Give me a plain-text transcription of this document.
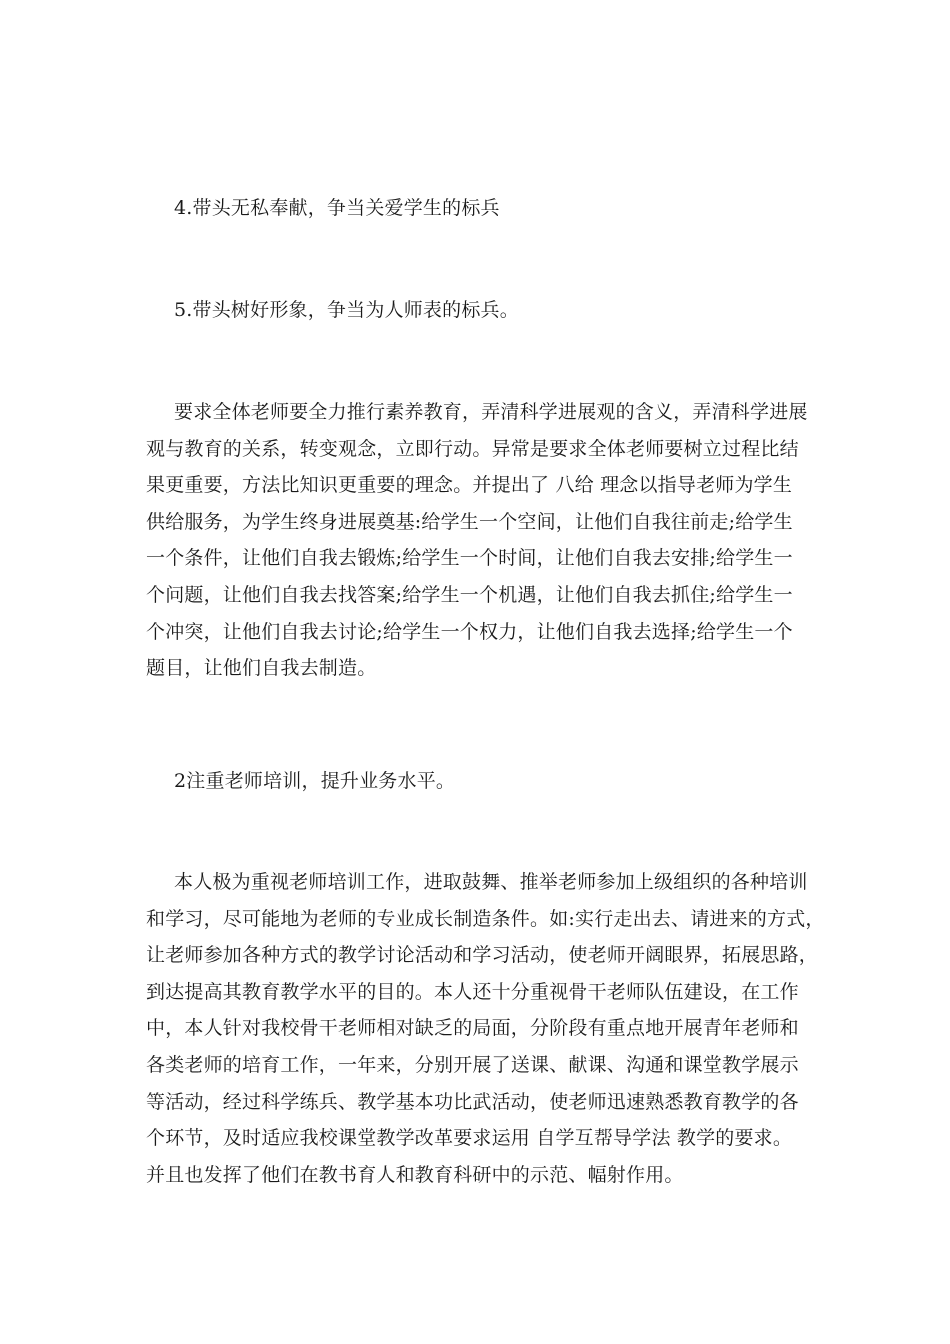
4.带头无私奉献，争当关爱学生的标兵
5.带头树好形象，争当为人师表的标兵。
要求全体老师要全力推行素养教育，弄清科学进展观的含义，弄清科学进展
观与教育的关系，转变观念，立即行动。异常是要求全体老师要树立过程比结
果更重要，方法比知识更重要的理念。并提出了 八给 理念以指导老师为学生
供给服务，为学生终身进展奠基:给学生一个空间，让他们自我往前走;给学生
一个条件，让他们自我去锻炼;给学生一个时间，让他们自我去安排;给学生一
个问题，让他们自我去找答案;给学生一个机遇，让他们自我去抓住;给学生一
个冲突，让他们自我去讨论;给学生一个权力，让他们自我去选择;给学生一个
题目，让他们自我去制造。
2注重老师培训，提升业务水平。
本人极为重视老师培训工作，进取鼓舞、推举老师参加上级组织的各种培训
和学习，尽可能地为老师的专业成长制造条件。如:实行走出去、请进来的方式，
让老师参加各种方式的教学讨论活动和学习活动，使老师开阔眼界，拓展思路，
到达提高其教育教学水平的目的。本人还十分重视骨干老师队伍建设，在工作
中，本人针对我校骨干老师相对缺乏的局面，分阶段有重点地开展青年老师和
各类老师的培育工作，一年来，分别开展了送课、献课、沟通和课堂教学展示
等活动，经过科学练兵、教学基本功比武活动，使老师迅速熟悉教育教学的各
个环节，及时适应我校课堂教学改革要求运用 自学互帮导学法 教学的要求。
并且也发挥了他们在教书育人和教育科研中的示范、幅射作用。
